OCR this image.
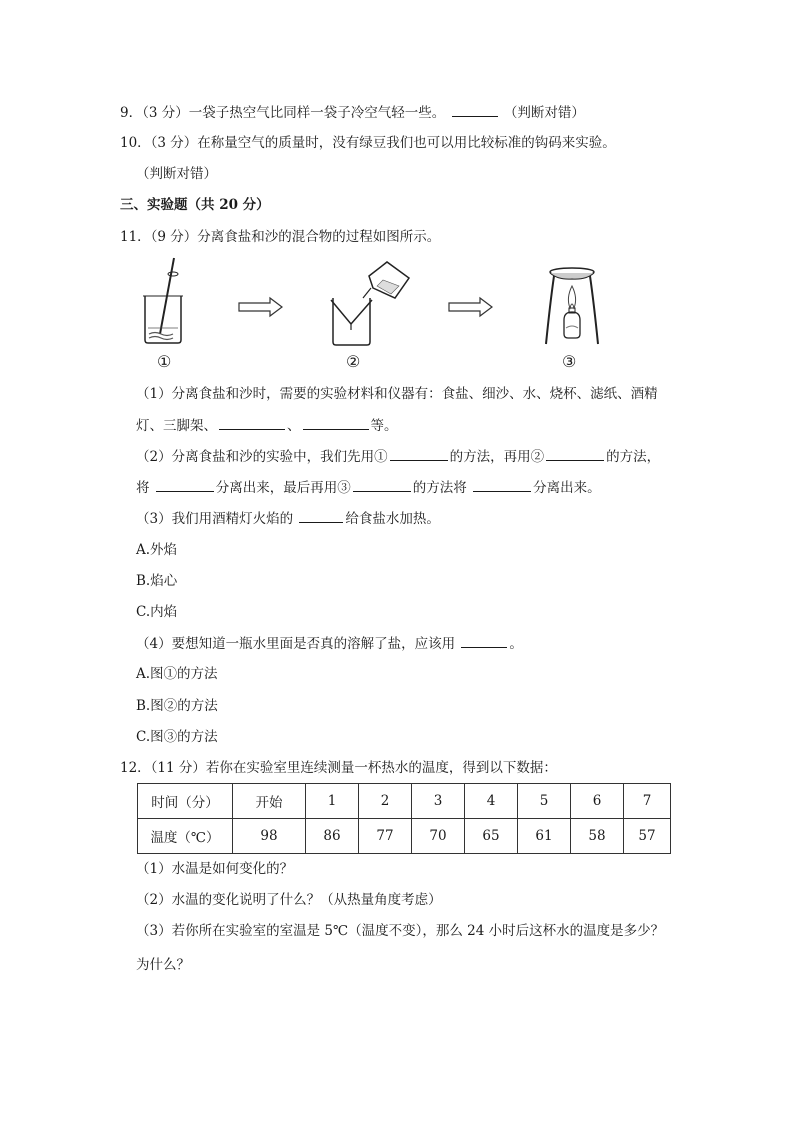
9．（3 分）一袋子热空气比同样一袋子冷空气轻一些。	（判断对错）
10．（3 分）在称量空气的质量时，没有绿豆我们也可以用比较标准的钩码来实验。
（判断对错）
三、实验题（共 20 分）
11．（9 分）分离食盐和沙的混合物的过程如图所示。
①	②	③
（1）分离食盐和沙时，需要的实验材料和仪器有：食盐、细沙、水、烧杯、滤纸、酒精
灯、三脚架、	、	等。
（2）分离食盐和沙的实验中，我们先用①	的方法，再用②	的方法，
将	分离出来，最后再用③	的方法将	分离出来。
（3）我们用酒精灯火焰的	给食盐水加热。
A.外焰
B.焰心
C.内焰
（4）要想知道一瓶水里面是否真的溶解了盐，应该用	。
A.图①的方法
B.图②的方法
C.图③的方法
12．（11 分）若你在实验室里连续测量一杯热水的温度，得到以下数据：
时间（分）	开始	1	2	3	4	5	6	7
温度（℃）	98	86	77	70	65	61	58	57
（1）水温是如何变化的？
（2）水温的变化说明了什么？（从热量角度考虑）
（3）若你所在实验室的室温是 5℃（温度不变），那么 24 小时后这杯水的温度是多少？
为什么？
